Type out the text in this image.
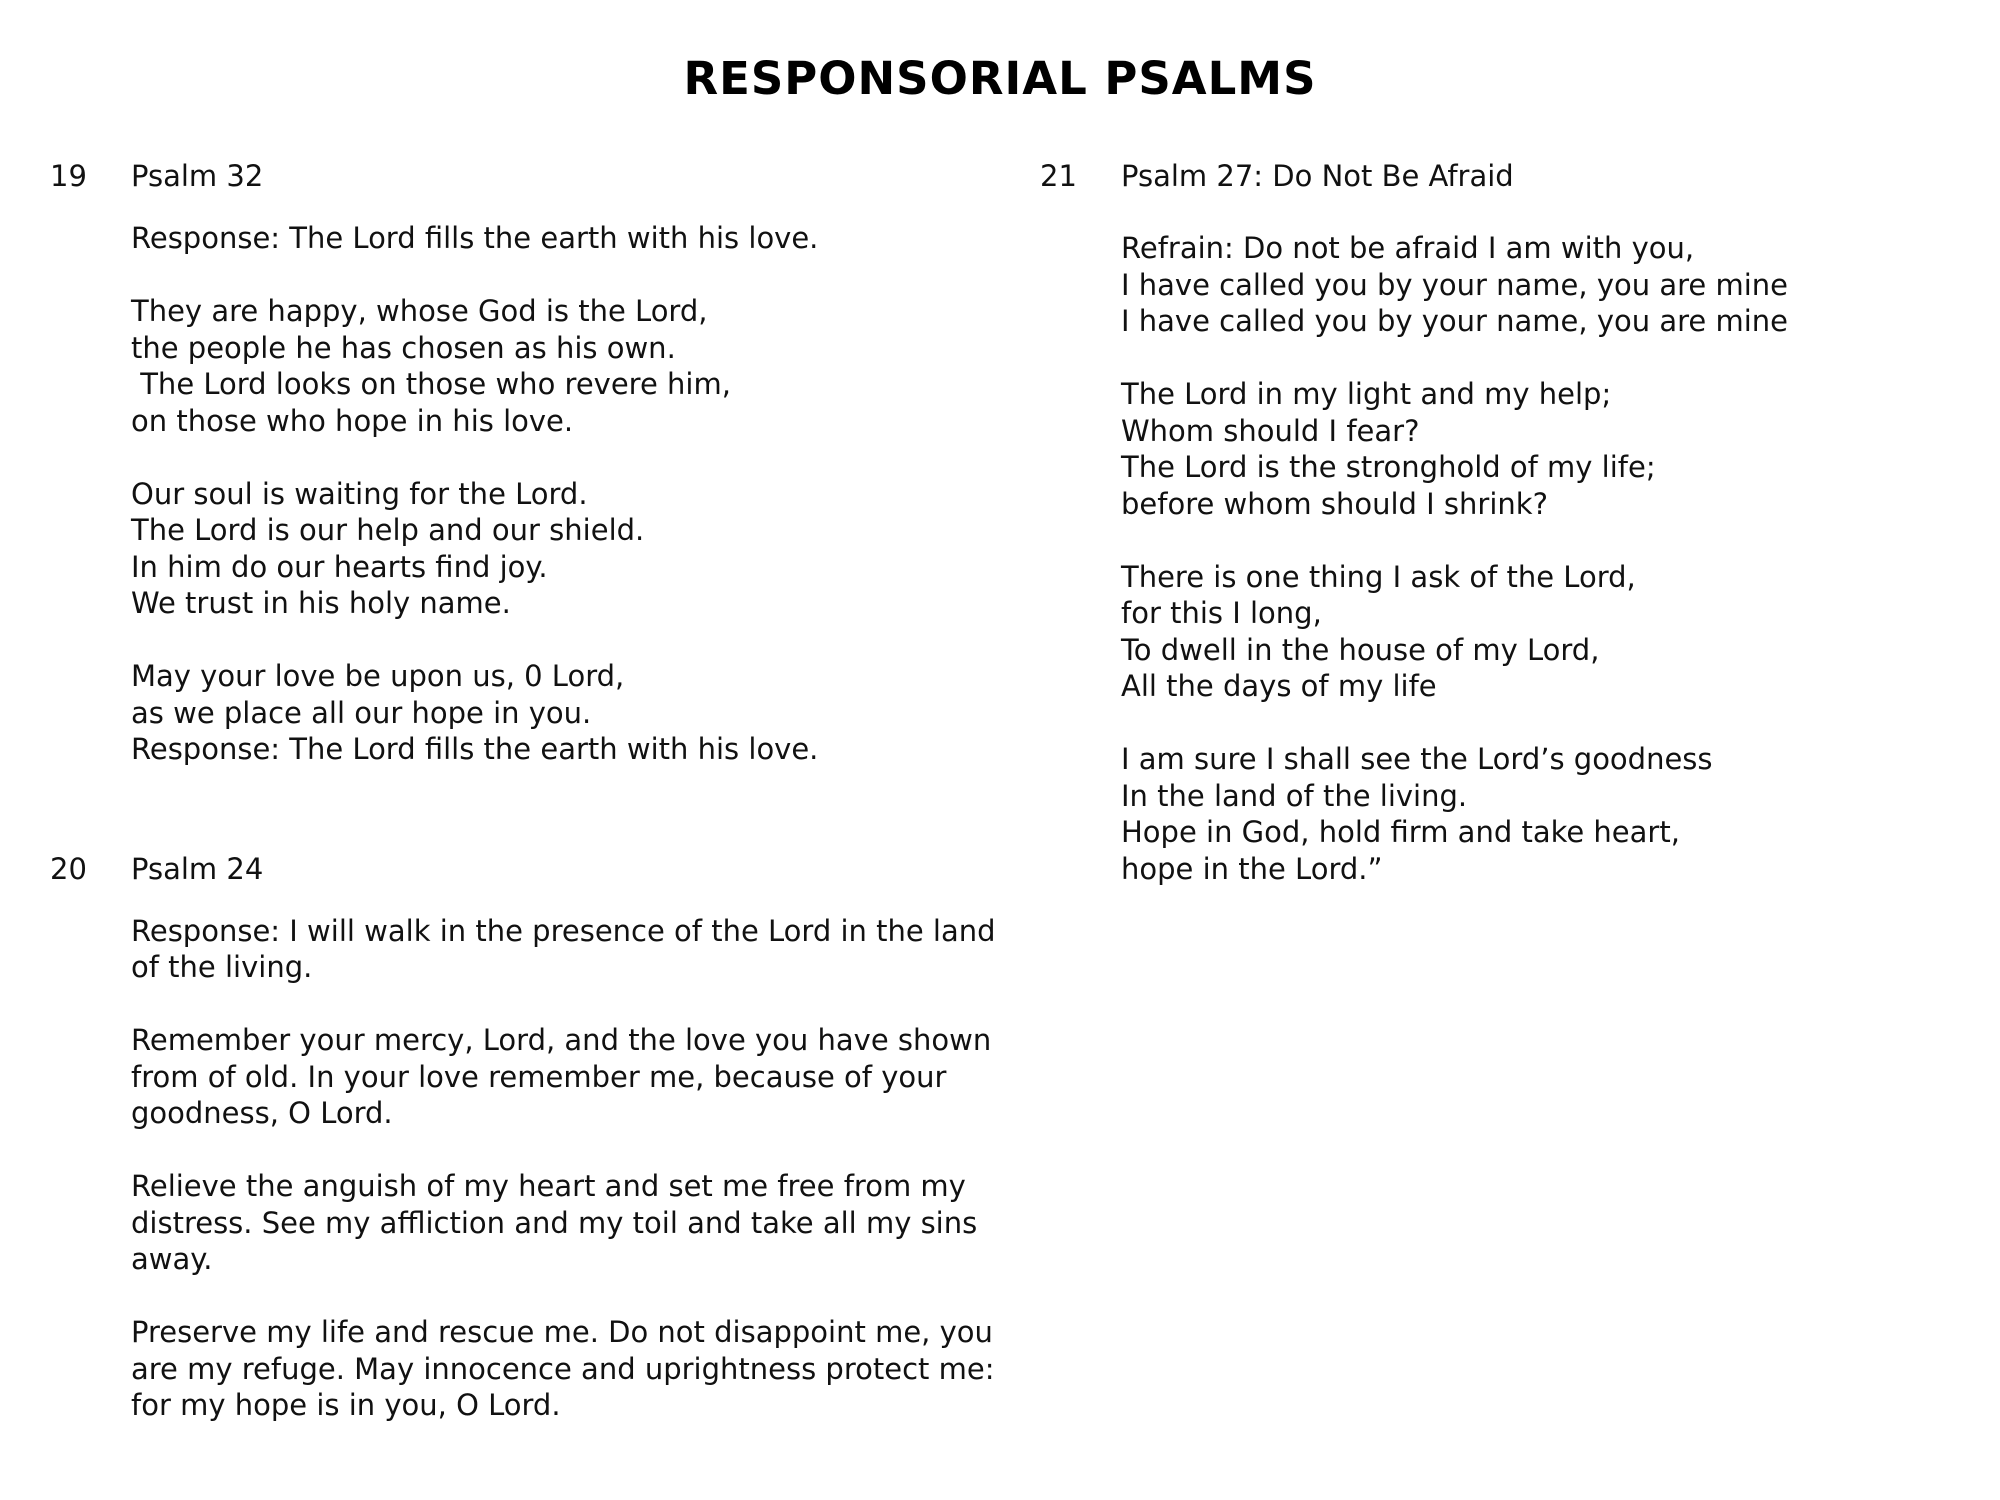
RESPONSORIAL PSALMS
19	Psalm 32

Response: The Lord fills the earth with his love.

They are happy, whose God is the Lord,
the people he has chosen as his own.
The Lord looks on those who revere him,
on those who hope in his love.

Our soul is waiting for the Lord.
The Lord is our help and our shield.
In him do our hearts find joy.
We trust in his holy name.

May your love be upon us, 0 Lord,
as we place all our hope in you.
Response: The Lord fills the earth with his love.

20	Psalm 24

Response: I will walk in the presence of the Lord in the land of the living.

Remember your mercy, Lord, and the love you have shown from of old. In your love remember me, because of your goodness, O Lord.

Relieve the anguish of my heart and set me free from my distress. See my affliction and my toil and take all my sins away.

Preserve my life and rescue me. Do not disappoint me, you are my refuge. May innocence and uprightness protect me: for my hope is in you, O Lord.

21	Psalm 27: Do Not Be Afraid

Refrain: Do not be afraid I am with you,
I have called you by your name, you are mine
I have called you by your name, you are mine

The Lord in my light and my help;
Whom should I fear?
The Lord is the stronghold of my life;
before whom should I shrink?

There is one thing I ask of the Lord,
for this I long,
To dwell in the house of my Lord,
All the days of my life

I am sure I shall see the Lord’s goodness
In the land of the living.
Hope in God, hold firm and take heart,
hope in the Lord.”
